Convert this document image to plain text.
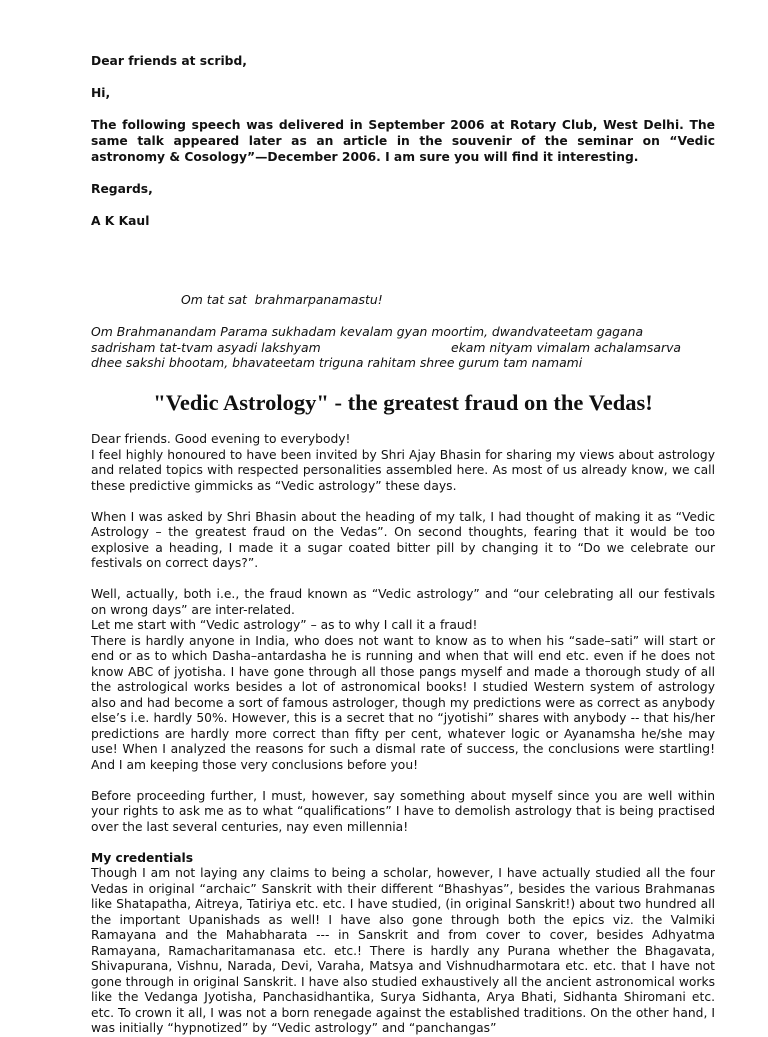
Dear friends at scribd,

Hi,

The following speech was delivered in September 2006 at Rotary Club, West Delhi. The same talk appeared later as an article in the souvenir of the seminar on “Vedic astronomy & Cosology”—December 2006. I am sure you will find it interesting.

Regards,

A K Kaul

Om tat sat  brahmarpanamastu!
Om Brahmanandam Parama sukhadam kevalam gyan moortim, dwandvateetam gagana
sadrisham tat-tvam asyadi lakshyam	ekam nityam vimalam achalamsarva
dhee sakshi bhootam, bhavateetam triguna rahitam shree gurum tam namami
"Vedic Astrology" - the greatest fraud on the Vedas!

Dear friends. Good evening to everybody!

I feel highly honoured to have been invited by Shri Ajay Bhasin for sharing my views about astrology and related topics with respected personalities assembled here. As most of us already know, we call these predictive gimmicks as “Vedic astrology” these days.

When I was asked by Shri Bhasin about the heading of my talk, I had thought of making it as “Vedic Astrology – the greatest fraud on the Vedas”. On second thoughts, fearing that it would be too explosive a heading, I made it a sugar coated bitter pill by changing it to “Do we celebrate our festivals on correct days?”.

Well, actually, both i.e., the fraud known as “Vedic astrology” and “our celebrating all our festivals on wrong days” are inter-related.

Let me start with “Vedic astrology” – as to why I call it a fraud!

There is hardly anyone in India, who does not want to know as to when his “sade–sati” will start or end or as to which Dasha–antardasha he is running and when that will end etc. even if he does not know ABC of jyotisha. I have gone through all those pangs myself and made a thorough study of all the astrological works besides a lot of astronomical books! I studied Western system of astrology also and had become a sort of famous astrologer, though my predictions were as correct as anybody else’s i.e. hardly 50%. However, this is a secret that no “jyotishi” shares with anybody -- that his/her predictions are hardly more correct than fifty per cent, whatever logic or Ayanamsha he/she may use! When I analyzed the reasons for such a dismal rate of success, the conclusions were startling! And I am keeping those very conclusions before you!

Before proceeding further, I must, however, say something about myself since you are well within your rights to ask me as to what “qualifications” I have to demolish astrology that is being practised over the last several centuries, nay even millennia!

My credentials

Though I am not laying any claims to being a scholar, however, I have actually studied all the four Vedas in original “archaic” Sanskrit with their different “Bhashyas”, besides the various Brahmanas like Shatapatha, Aitreya, Tatiriya etc. etc. I have studied, (in original Sanskrit!) about two hundred all the important Upanishads as well! I have also gone through both the epics viz. the Valmiki Ramayana and the Mahabharata --- in Sanskrit and from cover to cover, besides Adhyatma Ramayana, Ramacharitamanasa etc. etc.! There is hardly any Purana whether the Bhagavata, Shivapurana, Vishnu, Narada, Devi, Varaha, Matsya and Vishnudharmotara etc. etc. that I have not gone through in original Sanskrit. I have also studied exhaustively all the ancient astronomical works like the Vedanga Jyotisha, Panchasidhantika, Surya Sidhanta, Arya Bhati, Sidhanta Shiromani etc. etc. To crown it all, I was not a born renegade against the established traditions. On the other hand, I was initially “hypnotized” by “Vedic astrology” and “panchangas”
